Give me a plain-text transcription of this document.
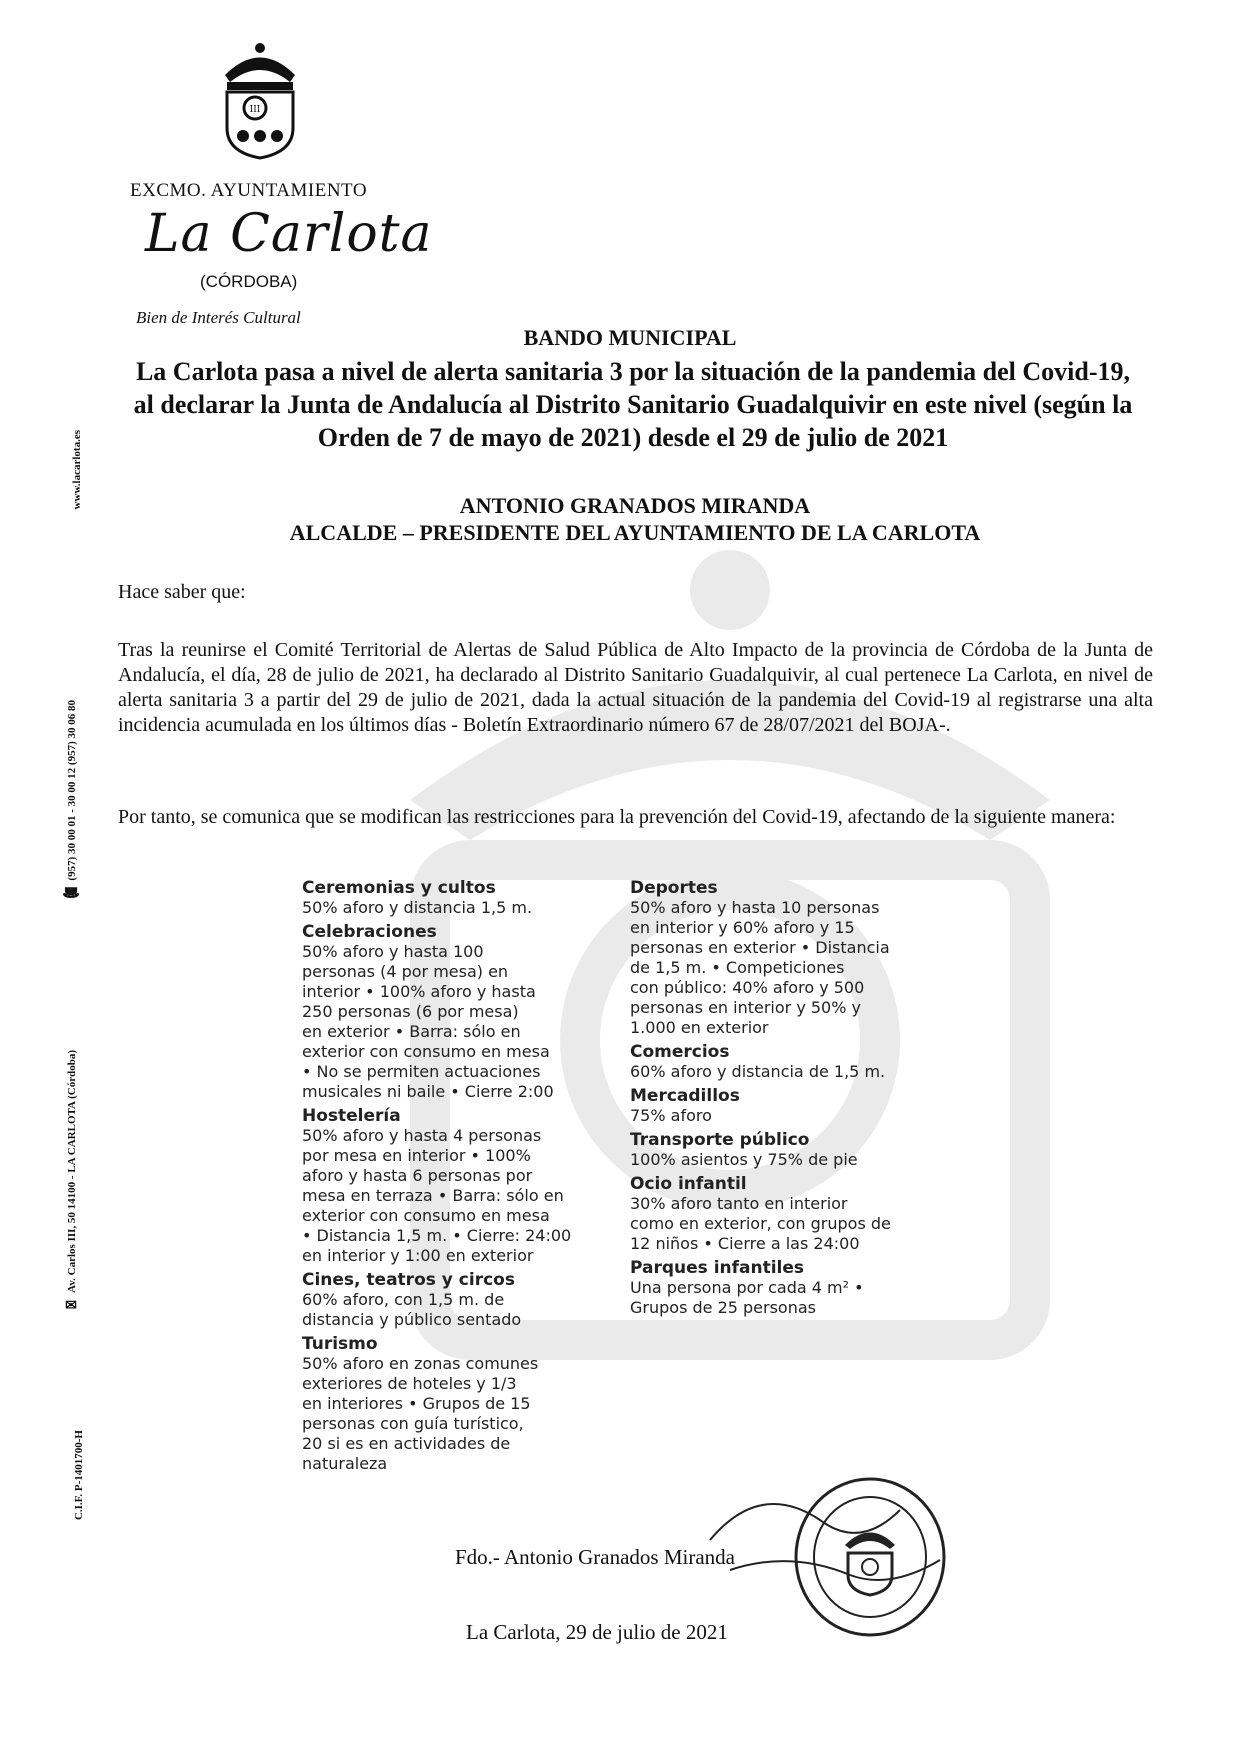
III
EXCMO. AYUNTAMIENTO
La Carlota
(CÓRDOBA)
Bien de Interés Cultural
www.lacarlota.es
☎ (957) 30 00 01 - 30 00 12 (957) 30 06 80
✉ Av. Carlos III, 50 14100 - LA CARLOTA (Córdoba)
C.I.F. P-1401700-H
BANDO MUNICIPAL
La Carlota pasa a nivel de alerta sanitaria 3 por la situación de la pandemia del Covid-19, al declarar la Junta de Andalucía al Distrito Sanitario Guadalquivir en este nivel (según la Orden de 7 de mayo de 2021) desde el 29 de julio de 2021
ANTONIO GRANADOS MIRANDA
ALCALDE – PRESIDENTE DEL AYUNTAMIENTO DE LA CARLOTA
Hace saber que:
Tras la reunirse el Comité Territorial de Alertas de Salud Pública de Alto Impacto de la provincia de Córdoba de la Junta de Andalucía, el día, 28 de julio de 2021, ha declarado al Distrito Sanitario Guadalquivir, al cual pertenece La Carlota, en nivel de alerta sanitaria 3 a partir del 29 de julio de 2021, dada la actual situación de la pandemia del Covid-19 al registrarse una alta incidencia acumulada en los últimos días - Boletín Extraordinario número 67 de 28/07/2021 del BOJA-.
Por tanto, se comunica que se modifican las restricciones para la prevención del Covid-19, afectando de la siguiente manera:
Ceremonias y cultos
50% aforo y distancia 1,5 m.
Celebraciones
50% aforo y hasta 100
personas (4 por mesa) en
interior • 100% aforo y hasta
250 personas (6 por mesa)
en exterior • Barra: sólo en
exterior con consumo en mesa
• No se permiten actuaciones
musicales ni baile • Cierre 2:00
Hostelería
50% aforo y hasta 4 personas
por mesa en interior • 100%
aforo y hasta 6 personas por
mesa en terraza • Barra: sólo en
exterior con consumo en mesa
• Distancia 1,5 m. • Cierre: 24:00
en interior y 1:00 en exterior
Cines, teatros y circos
60% aforo, con 1,5 m. de
distancia y público sentado
Turismo
50% aforo en zonas comunes
exteriores de hoteles y 1/3
en interiores • Grupos de 15
personas con guía turístico,
20 si es en actividades de
naturaleza
Deportes
50% aforo y hasta 10 personas
en interior y 60% aforo y 15
personas en exterior • Distancia
de 1,5 m. • Competiciones
con público: 40% aforo y 500
personas en interior y 50% y
1.000 en exterior
Comercios
60% aforo y distancia de 1,5 m.
Mercadillos
75% aforo
Transporte público
100% asientos y 75% de pie
Ocio infantil
30% aforo tanto en interior
como en exterior, con grupos de
12 niños • Cierre a las 24:00
Parques infantiles
Una persona por cada 4 m² •
Grupos de 25 personas
Fdo.- Antonio Granados Miranda
La Carlota, 29 de julio de 2021
